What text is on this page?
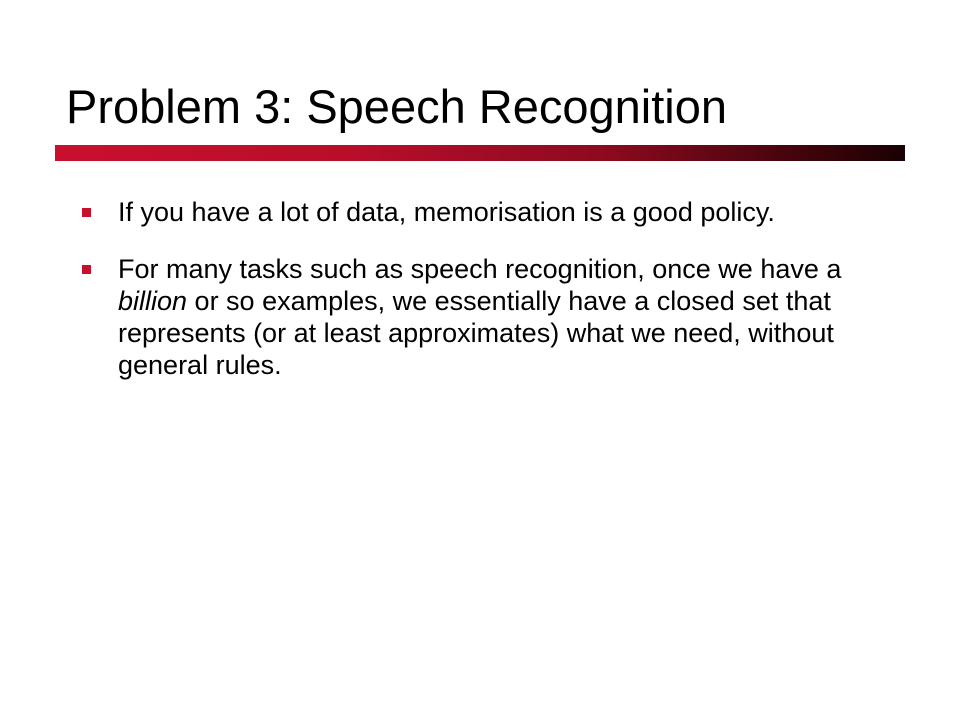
Problem 3: Speech Recognition
If you have a lot of data, memorisation is a good policy.
For many tasks such as speech recognition, once we have a billion or so examples, we essentially have a closed set that represents (or at least approximates) what we need, without general rules.
